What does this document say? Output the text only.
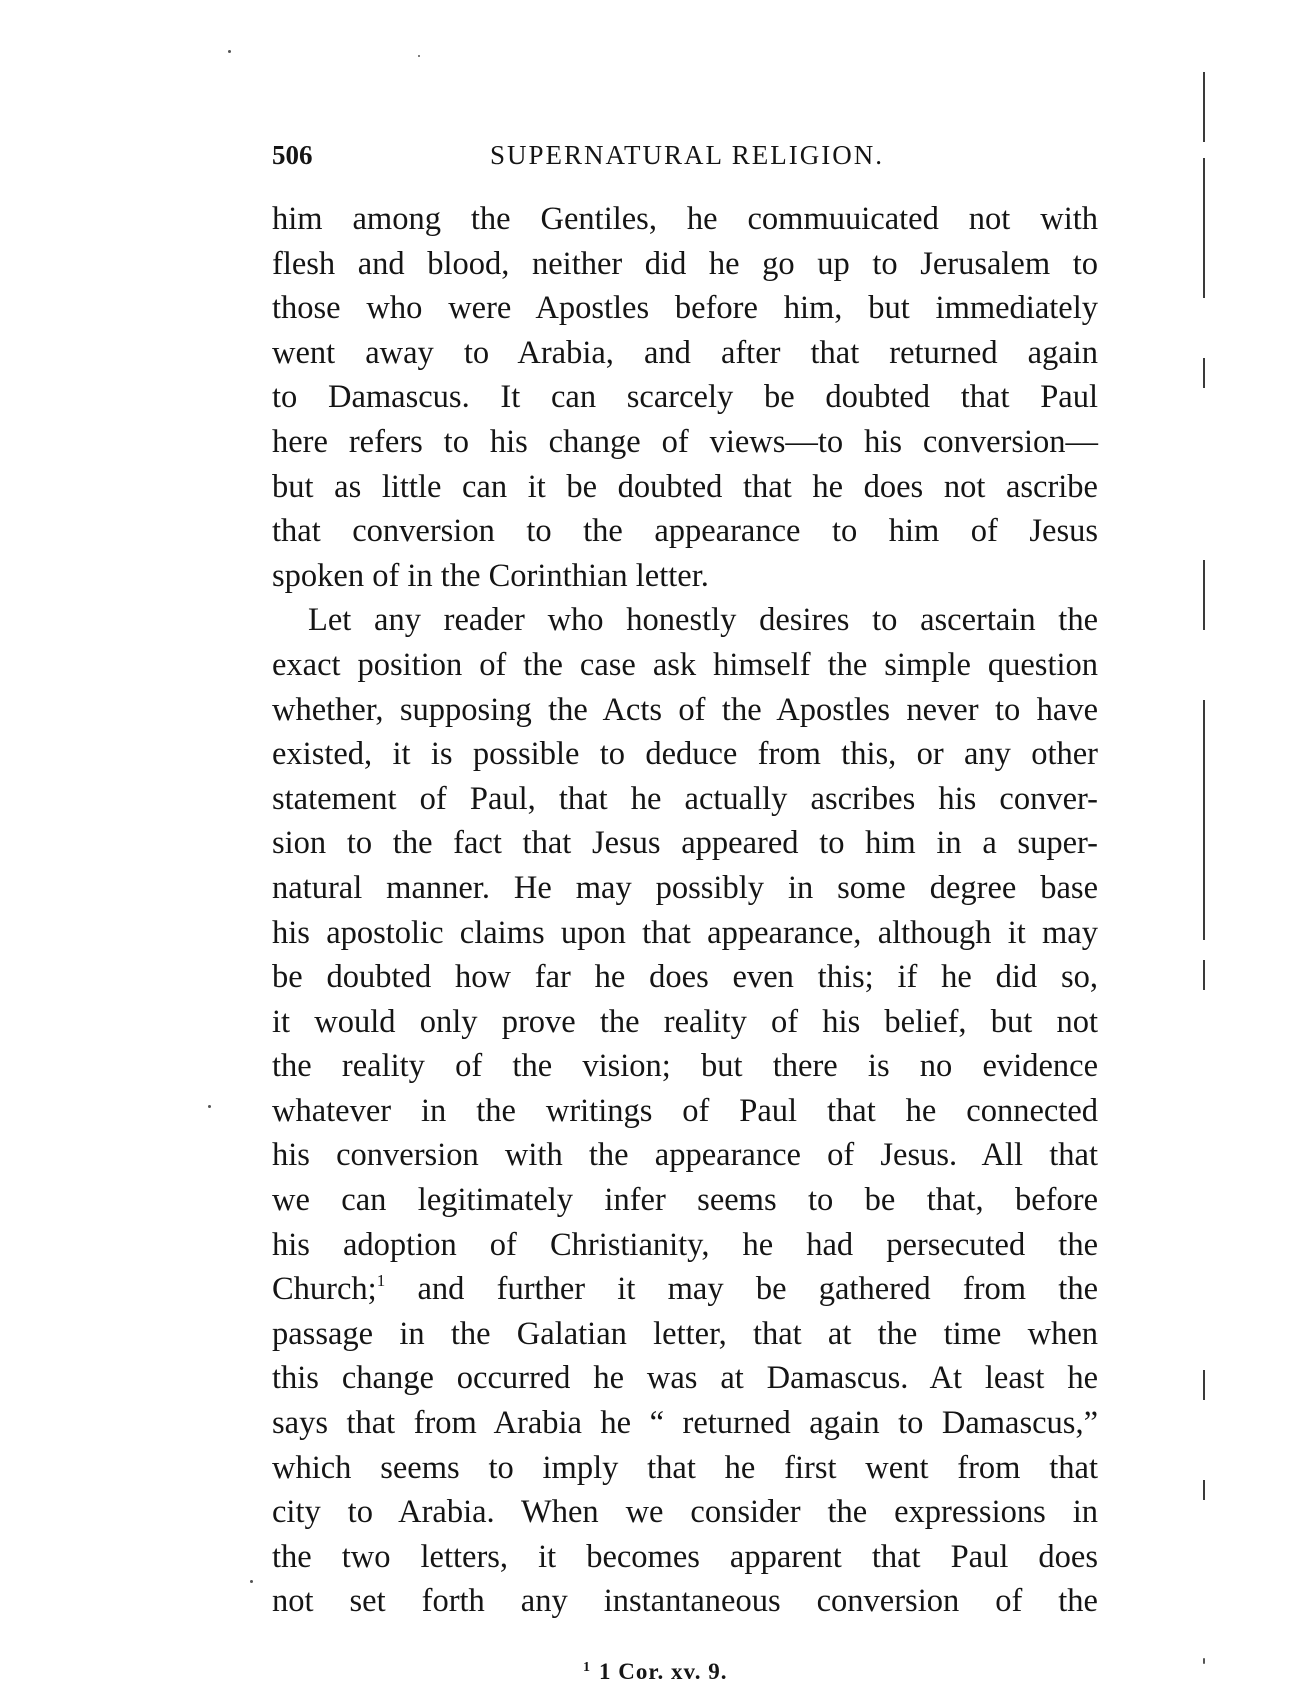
506	SUPERNATURAL RELIGION.
him among the Gentiles, he commuuicated not with
flesh and blood, neither did he go up to Jerusalem to
those who were Apostles before him, but immediately
went away to Arabia, and after that returned again
to Damascus. It can scarcely be doubted that Paul
here refers to his change of views—to his conversion—
but as little can it be doubted that he does not ascribe
that conversion to the appearance to him of Jesus
spoken of in the Corinthian letter.
Let any reader who honestly desires to ascertain the
exact position of the case ask himself the simple question
whether, supposing the Acts of the Apostles never to have
existed, it is possible to deduce from this, or any other
statement of Paul, that he actually ascribes his conver-
sion to the fact that Jesus appeared to him in a super-
natural manner. He may possibly in some degree base
his apostolic claims upon that appearance, although it may
be doubted how far he does even this; if he did so,
it would only prove the reality of his belief, but not
the reality of the vision; but there is no evidence
whatever in the writings of Paul that he connected
his conversion with the appearance of Jesus. All that
we can legitimately infer seems to be that, before
his adoption of Christianity, he had persecuted the
Church;$^1$ and further it may be gathered from the
passage in the Galatian letter, that at the time when
this change occurred he was at Damascus. At least he
says that from Arabia he “ returned again to Damascus,”
which seems to imply that he first went from that
city to Arabia. When we consider the expressions in
the two letters, it becomes apparent that Paul does
not set forth any instantaneous conversion of the
$^1$ 1 Cor. xv. 9.
